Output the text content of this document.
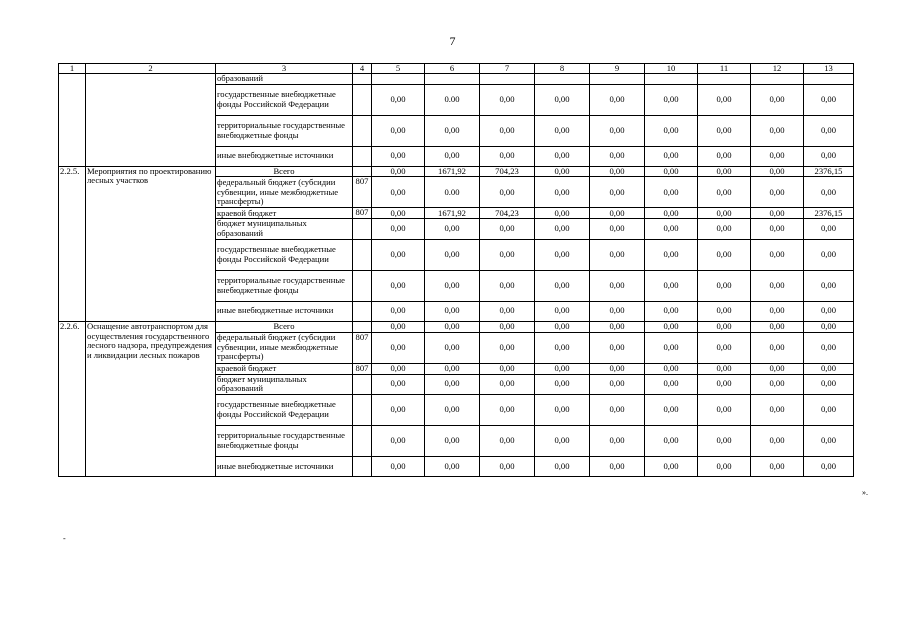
7
1	2	3	4	5	6	7	8	9	10	11	12	13
		образований										
		государственные внебюджетные фонды Российской Федерации		0,00	0.00	0,00	0,00	0,00	0,00	0,00	0,00	0,00
		территориальные государственные внебюджетные фонды		0,00	0,00	0,00	0,00	0,00	0,00	0,00	0,00	0,00
		иные внебюджетные источники		0,00	0,00	0,00	0,00	0,00	0,00	0,00	0,00	0,00
2.2.5.	Мероприятия по проектированию лесных участков	Всего		0,00	1671,92	704,23	0,00	0,00	0,00	0,00	0,00	2376,15
		федеральный бюджет (субсидии субвенции, иные межбюджетные трансферты)	807	0,00	0.00	0,00	0,00	0,00	0,00	0,00	0,00	0,00
		краевой бюджет	807	0,00	1671,92	704,23	0,00	0,00	0,00	0,00	0,00	2376,15
		бюджет муниципальных образований		0,00	0,00	0,00	0,00	0,00	0,00	0,00	0,00	0,00
		государственные внебюджетные фонды Российской Федерации		0,00	0,00	0,00	0,00	0,00	0,00	0,00	0,00	0,00
		территориальные государственные внебюджетные фонды		0,00	0,00	0,00	0,00	0,00	0,00	0,00	0,00	0,00
		иные внебюджетные источники		0,00	0,00	0,00	0,00	0,00	0,00	0,00	0,00	0,00
2.2.6.	Оснащение автотранспортом для осуществления государственного лесного надзора, предупреждения и ликвидации лесных пожаров	Всего		0,00	0,00	0,00	0,00	0,00	0,00	0,00	0,00	0,00
		федеральный бюджет (субсидии субвенции, иные межбюджетные трансферты)	807	0,00	0,00	0,00	0,00	0,00	0,00	0,00	0,00	0,00
		краевой бюджет	807	0,00	0,00	0,00	0,00	0,00	0,00	0,00	0,00	0,00
		бюджет муниципальных образований		0,00	0,00	0,00	0,00	0,00	0,00	0,00	0,00	0,00
		государственные внебюджетные фонды Российской Федерации		0,00	0,00	0,00	0,00	0,00	0,00	0,00	0,00	0,00
		территориальные государственные внебюджетные фонды		0,00	0,00	0,00	0,00	0,00	0,00	0,00	0,00	0,00
		иные внебюджетные источники		0,00	0,00	0,00	0,00	0,00	0,00	0,00	0,00	0,00
».
-
